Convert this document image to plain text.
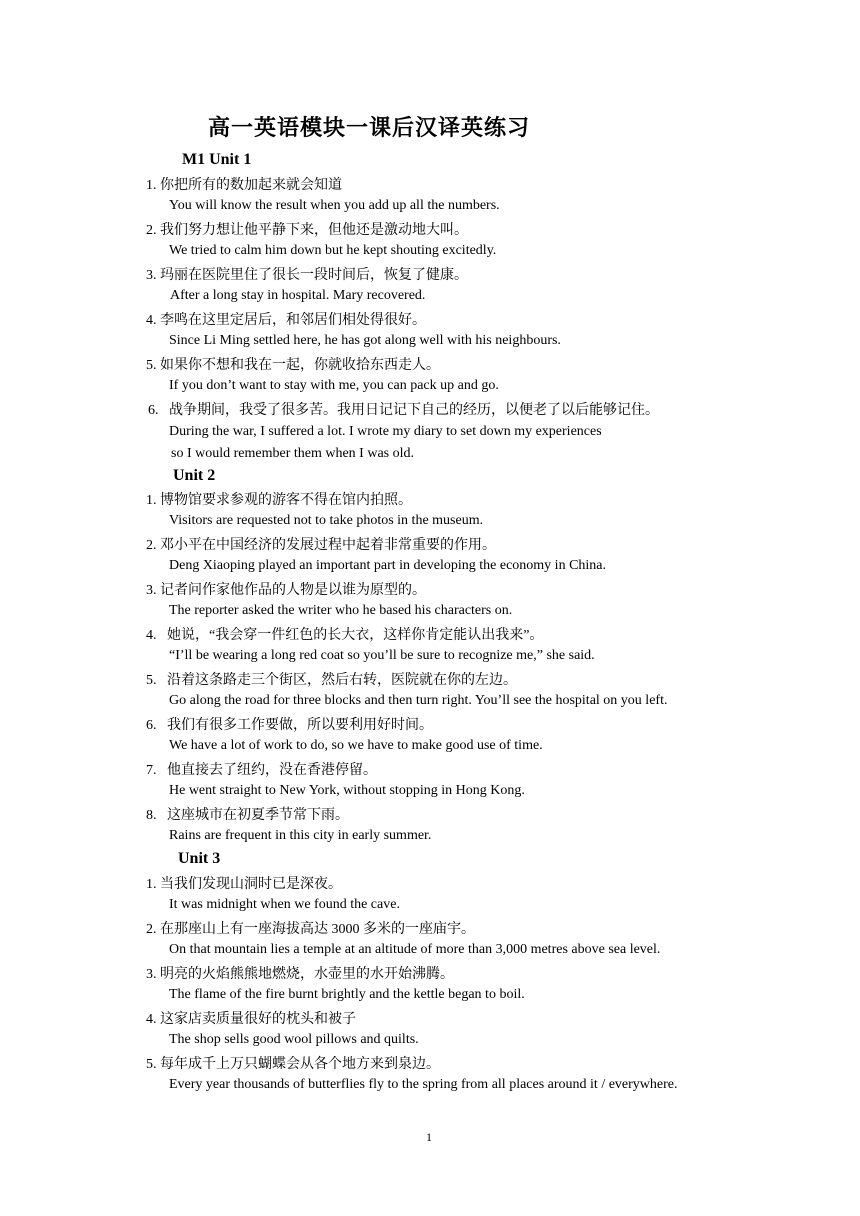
高一英语模块一课后汉译英练习
M1 Unit 1
1. 你把所有的数加起来就会知道
You will know the result when you add up all the numbers.
2. 我们努力想让他平静下来，但他还是激动地大叫。
We tried to calm him down but he kept shouting excitedly.
3. 玛丽在医院里住了很长一段时间后，恢复了健康。
After a long stay in hospital. Mary recovered.
4. 李鸣在这里定居后，和邻居们相处得很好。
Since Li Ming settled here, he has got along well with his neighbours.
5. 如果你不想和我在一起，你就收拾东西走人。
If you don’t want to stay with me, you can pack up and go.
6. 战争期间，我受了很多苦。我用日记记下自己的经历，以便老了以后能够记住。
During the war, I suffered a lot. I wrote my diary to set down my experiences
so I would remember them when I was old.
Unit 2
1. 博物馆要求参观的游客不得在馆内拍照。
Visitors are requested not to take photos in the museum.
2. 邓小平在中国经济的发展过程中起着非常重要的作用。
Deng Xiaoping played an important part in developing the economy in China.
3. 记者问作家他作品的人物是以谁为原型的。
The reporter asked the writer who he based his characters on.
4. 她说，“我会穿一件红色的长大衣，这样你肯定能认出我来”。
“I’ll be wearing a long red coat so you’ll be sure to recognize me,” she said.
5. 沿着这条路走三个街区，然后右转，医院就在你的左边。
Go along the road for three blocks and then turn right. You’ll see the hospital on you left.
6. 我们有很多工作要做，所以要利用好时间。
We have a lot of work to do, so we have to make good use of time.
7. 他直接去了纽约，没在香港停留。
He went straight to New York, without stopping in Hong Kong.
8. 这座城市在初夏季节常下雨。
Rains are frequent in this city in early summer.
Unit 3
1. 当我们发现山洞时已是深夜。
It was midnight when we found the cave.
2. 在那座山上有一座海拔高达 3000 多米的一座庙宇。
On that mountain lies a temple at an altitude of more than 3,000 metres above sea level.
3. 明亮的火焰熊熊地燃烧，水壶里的水开始沸腾。
The flame of the fire burnt brightly and the kettle began to boil.
4. 这家店卖质量很好的枕头和被子
The shop sells good wool pillows and quilts.
5. 每年成千上万只蝴蝶会从各个地方来到泉边。
Every year thousands of butterflies fly to the spring from all places around it / everywhere.
1
